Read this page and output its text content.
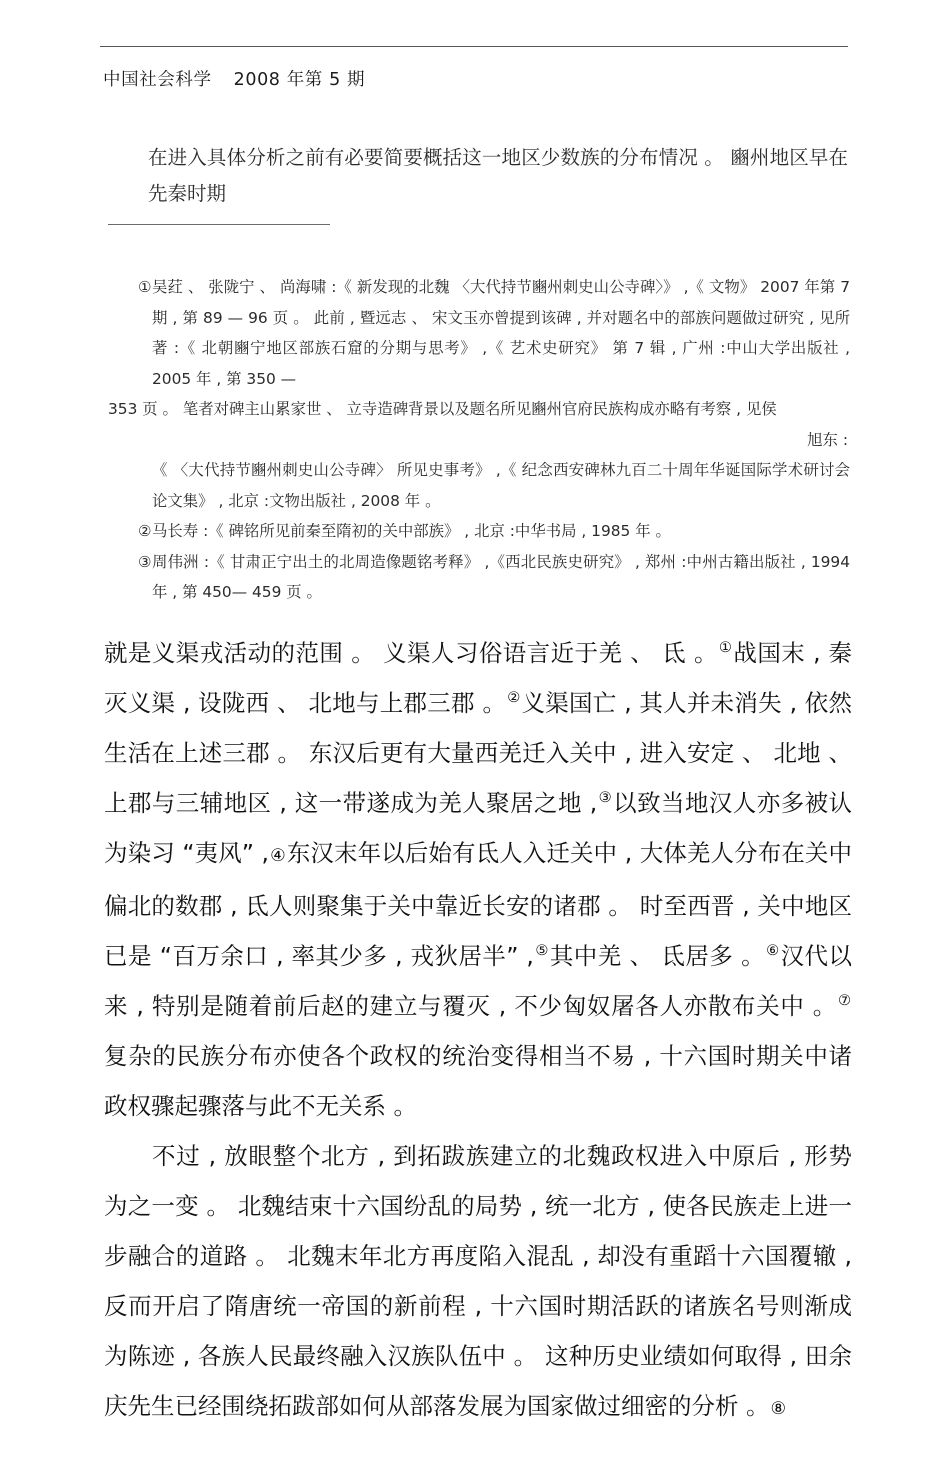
中国社会科学 2008 年第 5 期
在进入具体分析之前有必要简要概括这一地区少数族的分布情况 。 豳州地区早在先秦时期
① 吴荭 、 张陇宁 、 尚海啸 :《 新发现的北魏 〈大代持节豳州刺史山公寺碑〉》 ,《 文物》 2007 年第 7 期 , 第 89 — 96 页 。 此前 , 暨远志 、 宋文玉亦曾提到该碑 , 并对题名中的部族问题做过研究 , 见所著 :《 北朝豳宁地区部族石窟的分期与思考》 ,《 艺术史研究》 第 7 辑 , 广州 :中山大学出版社 , 2005 年 , 第 350 —
353 页 。 笔者对碑主山累家世 、 立寺造碑背景以及题名所见豳州官府民族构成亦略有考察 , 见侯
旭东 :
《 〈大代持节豳州刺史山公寺碑〉 所见史事考》 ,《 纪念西安碑林九百二十周年华诞国际学术研讨会论文集》 , 北京 :文物出版社 , 2008 年 。
② 马长寿 :《 碑铭所见前秦至隋初的关中部族》 , 北京 :中华书局 , 1985 年 。
③ 周伟洲 :《 甘肃正宁出土的北周造像题铭考释》 ,《西北民族史研究》 , 郑州 :中州古籍出版社 , 1994 年 , 第 450— 459 页 。

就是义渠戎活动的范围 。 义渠人习俗语言近于羌 、 氐 。①战国末 , 秦灭义渠 , 设陇西 、 北地与上郡三郡 。②义渠国亡 , 其人并未消失 , 依然生活在上述三郡 。 东汉后更有大量西羌迁入关中 , 进入安定 、 北地 、 上郡与三辅地区 , 这一带遂成为羌人聚居之地 ,③以致当地汉人亦多被认为染习 “夷风” ,④东汉末年以后始有氐人入迁关中 , 大体羌人分布在关中偏北的数郡 , 氐人则聚集于关中靠近长安的诸郡 。 时至西晋 , 关中地区已是 “百万余口 , 率其少多 , 戎狄居半” ,⑤其中羌 、 氐居多 。⑥汉代以来 , 特别是随着前后赵的建立与覆灭 , 不少匈奴屠各人亦散布关中 。⑦复杂的民族分布亦使各个政权的统治变得相当不易 , 十六国时期关中诸政权骤起骤落与此不无关系 。

不过 , 放眼整个北方 , 到拓跋族建立的北魏政权进入中原后 , 形势为之一变 。 北魏结束十六国纷乱的局势 , 统一北方 , 使各民族走上进一步融合的道路 。 北魏末年北方再度陷入混乱 , 却没有重蹈十六国覆辙 , 反而开启了隋唐统一帝国的新前程 , 十六国时期活跃的诸族名号则渐成为陈迹 , 各族人民最终融入汉族队伍中 。 这种历史业绩如何取得 , 田余庆先生已经围绕拓跋部如何从部落发展为国家做过细密的分析 。⑧
